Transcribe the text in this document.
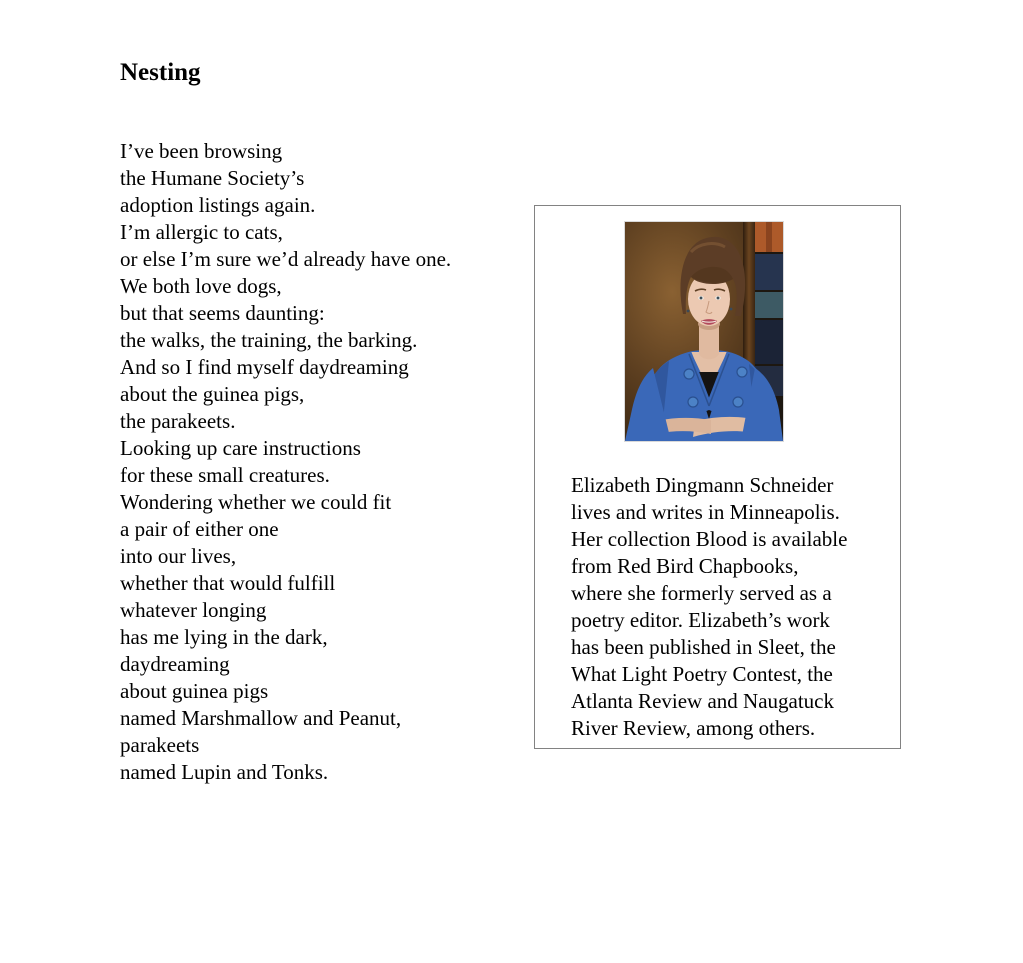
Nesting
I’ve been browsing
the Humane Society’s
adoption listings again.
I’m allergic to cats,
or else I’m sure we’d already have one.
We both love dogs,
but that seems daunting:
the walks, the training, the barking.
And so I find myself daydreaming
about the guinea pigs,
the parakeets.
Looking up care instructions
for these small creatures.
Wondering whether we could fit
a pair of either one
into our lives,
whether that would fulfill
whatever longing
has me lying in the dark,
daydreaming
about guinea pigs
named Marshmallow and Peanut,
parakeets
named Lupin and Tonks.
Elizabeth Dingmann Schneider
lives and writes in Minneapolis.
Her collection Blood is available
from Red Bird Chapbooks,
where she formerly served as a
poetry editor. Elizabeth’s work
has been published in Sleet, the
What Light Poetry Contest, the
Atlanta Review and Naugatuck
River Review, among others.
